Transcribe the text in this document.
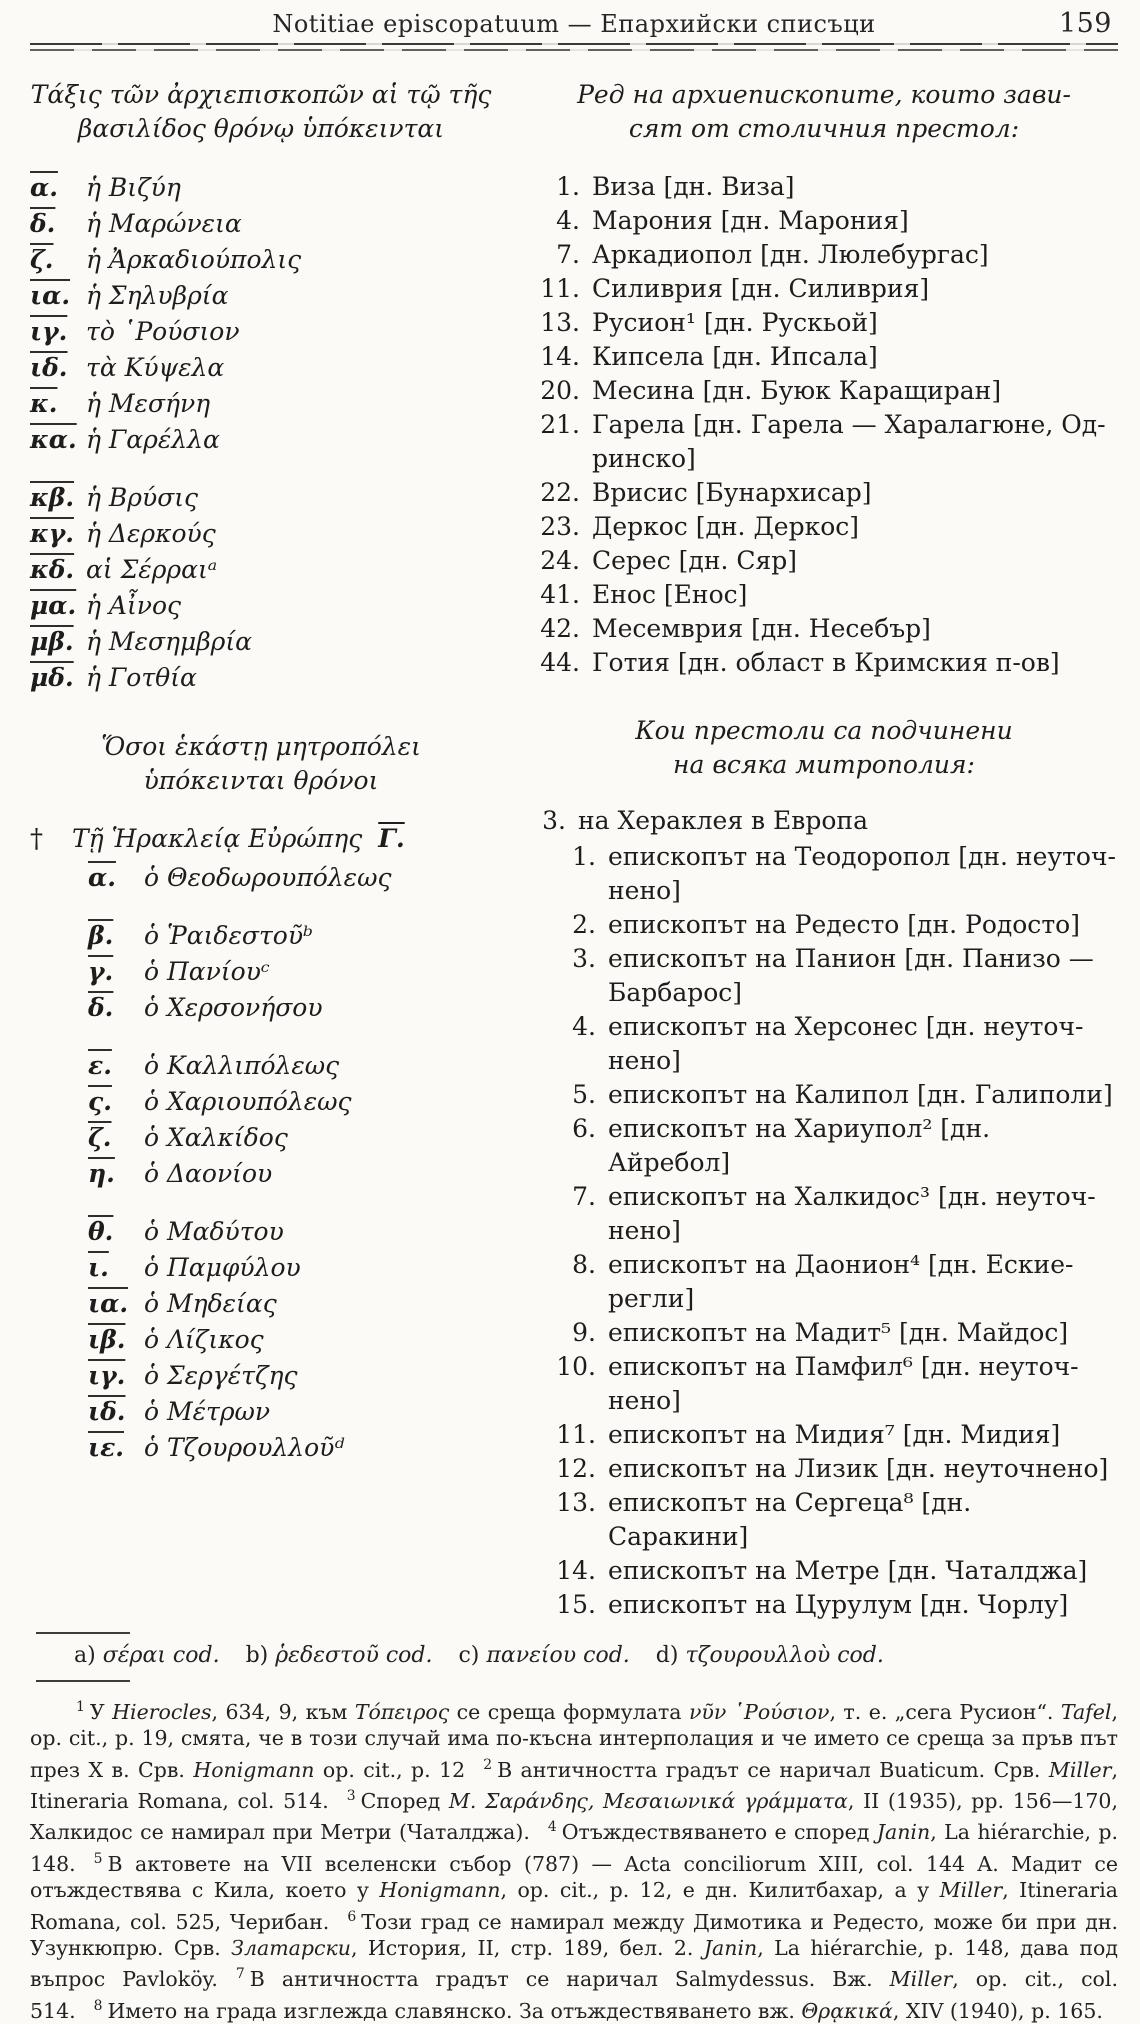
Notitiae episcopatuum — Епархийски списъци	159
Τάξις τῶν ἀρχιεπισκοπῶν αἱ τῷ τῆς
βασιλίδος θρόνῳ ὑπόκεινται
α.	ἡ Βιζύη
δ.	ἡ Μαρώνεια
ζ.	ἡ Ἀρκαδιούπολις
ια. ἡ Σηλυβρία
ιγ. τὸ ῾Ρούσιον
ιδ. τὰ Κύψελα
κ.	ἡ Μεσήνη
κα. ἡ Γαρέλλα
κβ. ἡ Βρύσις
κγ. ἡ Δερκούς
κδ. αἱ Σέρραιᵃ
μα. ἡ Αἶνος
μβ. ἡ Μεσημβρία
μδ. ἡ Γοτθία
Ὅσοι ἑκάστῃ μητροπόλει ὑπόκεινται θρόνοι
†	Τῇ Ἡρακλείᾳ Εὐρώπης Γ.
α.	ὁ Θεοδωρουπόλεως
β.	ὁ Ῥαιδεστοῦᵇ
γ.	ὁ Πανίουᶜ
δ.	ὁ Χερσονήσου
ε.	ὁ Καλλιπόλεως
ς.	ὁ Χαριουπόλεως
ζ.	ὁ Χαλκίδος
η.	ὁ Δαονίου
θ.	ὁ Μαδύτου
ι.	ὁ Παμφύλου
ια. ὁ Μηδείας
ιβ. ὁ Λίζικος
ιγ. ὁ Σεργέτζης
ιδ. ὁ Μέτρων
ιε. ὁ Τζουρουλλοῦᵈ
Ред на архиепископите, които зави-
сят от столичния престол:
1. Виза [дн. Виза]
4. Марония [дн. Марония]
7. Аркадиопол [дн. Люлебургас]
11. Силиврия [дн. Силиврия]
13. Русион¹ [дн. Рускьой]
14. Кипсела [дн. Ипсала]
20. Месина [дн. Буюк Каращиран]
21. Гарела [дн. Гарела — Харалагюне, Одринско]
22. Врисис [Бунархисар]
23. Деркос [дн. Деркос]
24. Серес [дн. Сяр]
41. Енос [Енос]
42. Месемврия [дн. Несебър]
44. Готия [дн. област в Кримския п-ов]
Кои престоли са подчинени
на всяка митрополия:
3. на Хераклея в Европа
1. епископът на Теодоропол [дн. неуточнено]
2. епископът на Редесто [дн. Родосто]
3. епископът на Панион [дн. Панизо — Барбарос]
4. епископът на Херсонес [дн. неуточнено]
5. епископът на Калипол [дн. Галиполи]
6. епископът на Хариупол² [дн. Айребол]
7. епископът на Халкидос³ [дн. неуточнено]
8. епископът на Даонион⁴ [дн. Ескиерегли]
9. епископът на Мадит⁵ [дн. Майдос]
10. епископът на Памфил⁶ [дн. неуточнено]
11. епископът на Мидия⁷ [дн. Мидия]
12. епископът на Лизик [дн. неуточнено]
13. епископът на Сергеца⁸ [дн. Саракини]
14. епископът на Метре [дн. Чаталджа]
15. епископът на Цурулум [дн. Чорлу]
a) σέραι cod. b) ῥεδεστοῦ cod. c) πανείου cod. d) τζουρουλλοὺ cod.

$^1$ У Hierocles, 634, 9, към Τόπειρος се среща формулата νῦν ῾Ρούσιον, т. е. „сега Русион“. Tafel, op. cit., p. 19, смята, че в този случай има по-късна интерполация и че името се среща за пръв път през X в. Срв. Honigmann op. cit., p. 12 $^2$ В античността градът се наричал Buaticum. Срв. Miller, Itineraria Romana, col. 514. $^3$ Според M. Σαράνδης, Μεσαιωνικά γράμματα, II (1935), pp. 156—170, Халкидос се намирал при Метри (Чаталджа). $^4$ Отъждествяването е според Janin, La hiérarchie, p. 148. $^5$ В актовете на VII вселенски събор (787) — Acta conciliorum XIII, col. 144 A. Мадит се отъждествява с Кила, което у Honigmann, op. cit., p. 12, е дн. Килитбахар, а у Miller, Itineraria Romana, col. 525, Черибан. $^6$ Този град се намирал между Димотика и Редесто, може би при дн. Узункюпрю. Срв. Златарски, История, II, стр. 189, бел. 2. Janin, La hiérarchie, p. 148, дава под въпрос Pavloköy. $^7$ В античността градът се наричал Salmydessus. Вж. Miller, op. cit., col. 514. $^8$ Името на града изглежда славянско. За отъждествяването вж. Θρᾳκικά, XIV (1940), p. 165.
